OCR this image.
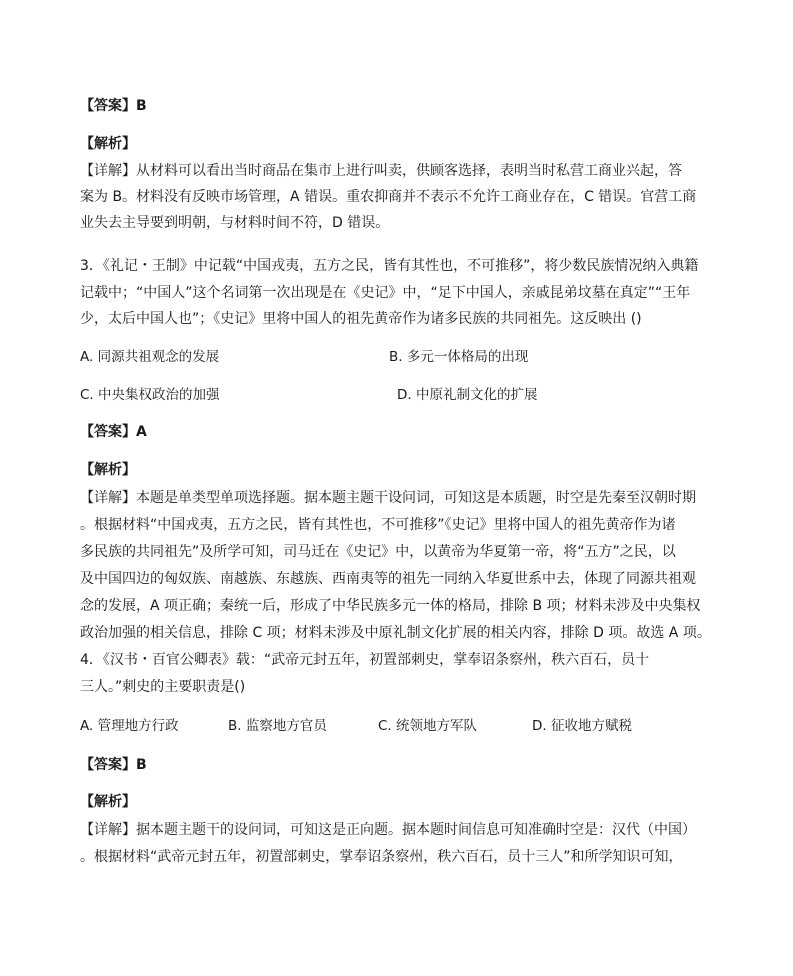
【答案】B
【解析】
【详解】从材料可以看出当时商品在集市上进行叫卖，供顾客选择，表明当时私营工商业兴起，答
案为 B。材料没有反映市场管理，A 错误。重农抑商并不表示不允许工商业存在，C 错误。官营工商
业失去主导要到明朝，与材料时间不符，D 错误。
3．《礼记・王制》中记载“中国戎夷，五方之民，皆有其性也，不可推移”，将少数民族情况纳入典籍
记载中；“中国人”这个名词第一次出现是在《史记》中，“足下中国人，亲戚昆弟坟墓在真定”“王年
少，太后中国人也”；《史记》里将中国人的祖先黄帝作为诸多民族的共同祖先。这反映出 ()
A. 同源共祖观念的发展	B. 多元一体格局的出现
C. 中央集权政治的加强	D. 中原礼制文化的扩展
【答案】A
【解析】
【详解】本题是单类型单项选择题。据本题主题干设问词，可知这是本质题，时空是先秦至汉朝时期
。根据材料“中国戎夷，五方之民，皆有其性也，不可推移”《史记》里将中国人的祖先黄帝作为诸
多民族的共同祖先”及所学可知，司马迁在《史记》中，以黄帝为华夏第一帝，将“五方”之民，以
及中国四边的匈奴族、南越族、东越族、西南夷等的祖先一同纳入华夏世系中去，体现了同源共祖观
念的发展，A 项正确；秦统一后，形成了中华民族多元一体的格局，排除 B 项；材料未涉及中央集权
政治加强的相关信息，排除 C 项；材料未涉及中原礼制文化扩展的相关内容，排除 D 项。故选 A 项。
4．《汉书・百官公卿表》载：“武帝元封五年，初置部刺史，掌奉诏条察州，秩六百石，员十
三人。”刺史的主要职责是()
A. 管理地方行政	B. 监察地方官员	C. 统领地方军队	D. 征收地方赋税
【答案】B
【解析】
【详解】据本题主题干的设问词，可知这是正向题。据本题时间信息可知准确时空是：汉代（中国）
。根据材料“武帝元封五年，初置部刺史，掌奉诏条察州，秩六百石，员十三人”和所学知识可知，
